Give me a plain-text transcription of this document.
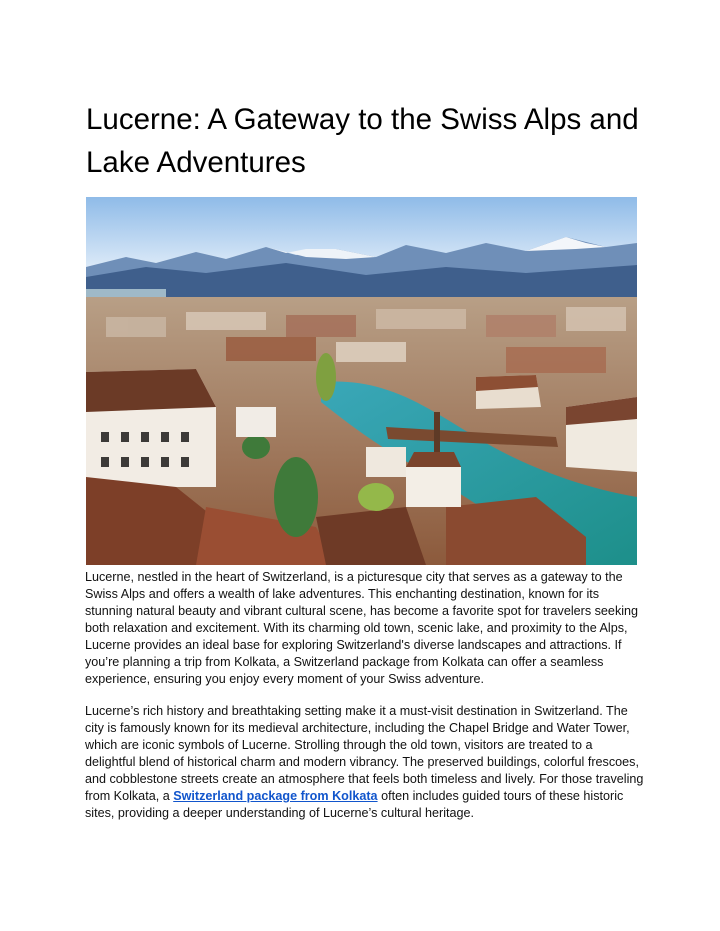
Lucerne: A Gateway to the Swiss Alps and Lake Adventures

Lucerne, nestled in the heart of Switzerland, is a picturesque city that serves as a gateway to the Swiss Alps and offers a wealth of lake adventures. This enchanting destination, known for its stunning natural beauty and vibrant cultural scene, has become a favorite spot for travelers seeking both relaxation and excitement. With its charming old town, scenic lake, and proximity to the Alps, Lucerne provides an ideal base for exploring Switzerland's diverse landscapes and attractions. If you’re planning a trip from Kolkata, a Switzerland package from Kolkata can offer a seamless experience, ensuring you enjoy every moment of your Swiss adventure.

Lucerne’s rich history and breathtaking setting make it a must-visit destination in Switzerland. The city is famously known for its medieval architecture, including the Chapel Bridge and Water Tower, which are iconic symbols of Lucerne. Strolling through the old town, visitors are treated to a delightful blend of historical charm and modern vibrancy. The preserved buildings, colorful frescoes, and cobblestone streets create an atmosphere that feels both timeless and lively. For those traveling from Kolkata, a Switzerland package from Kolkata often includes guided tours of these historic sites, providing a deeper understanding of Lucerne’s cultural heritage.
